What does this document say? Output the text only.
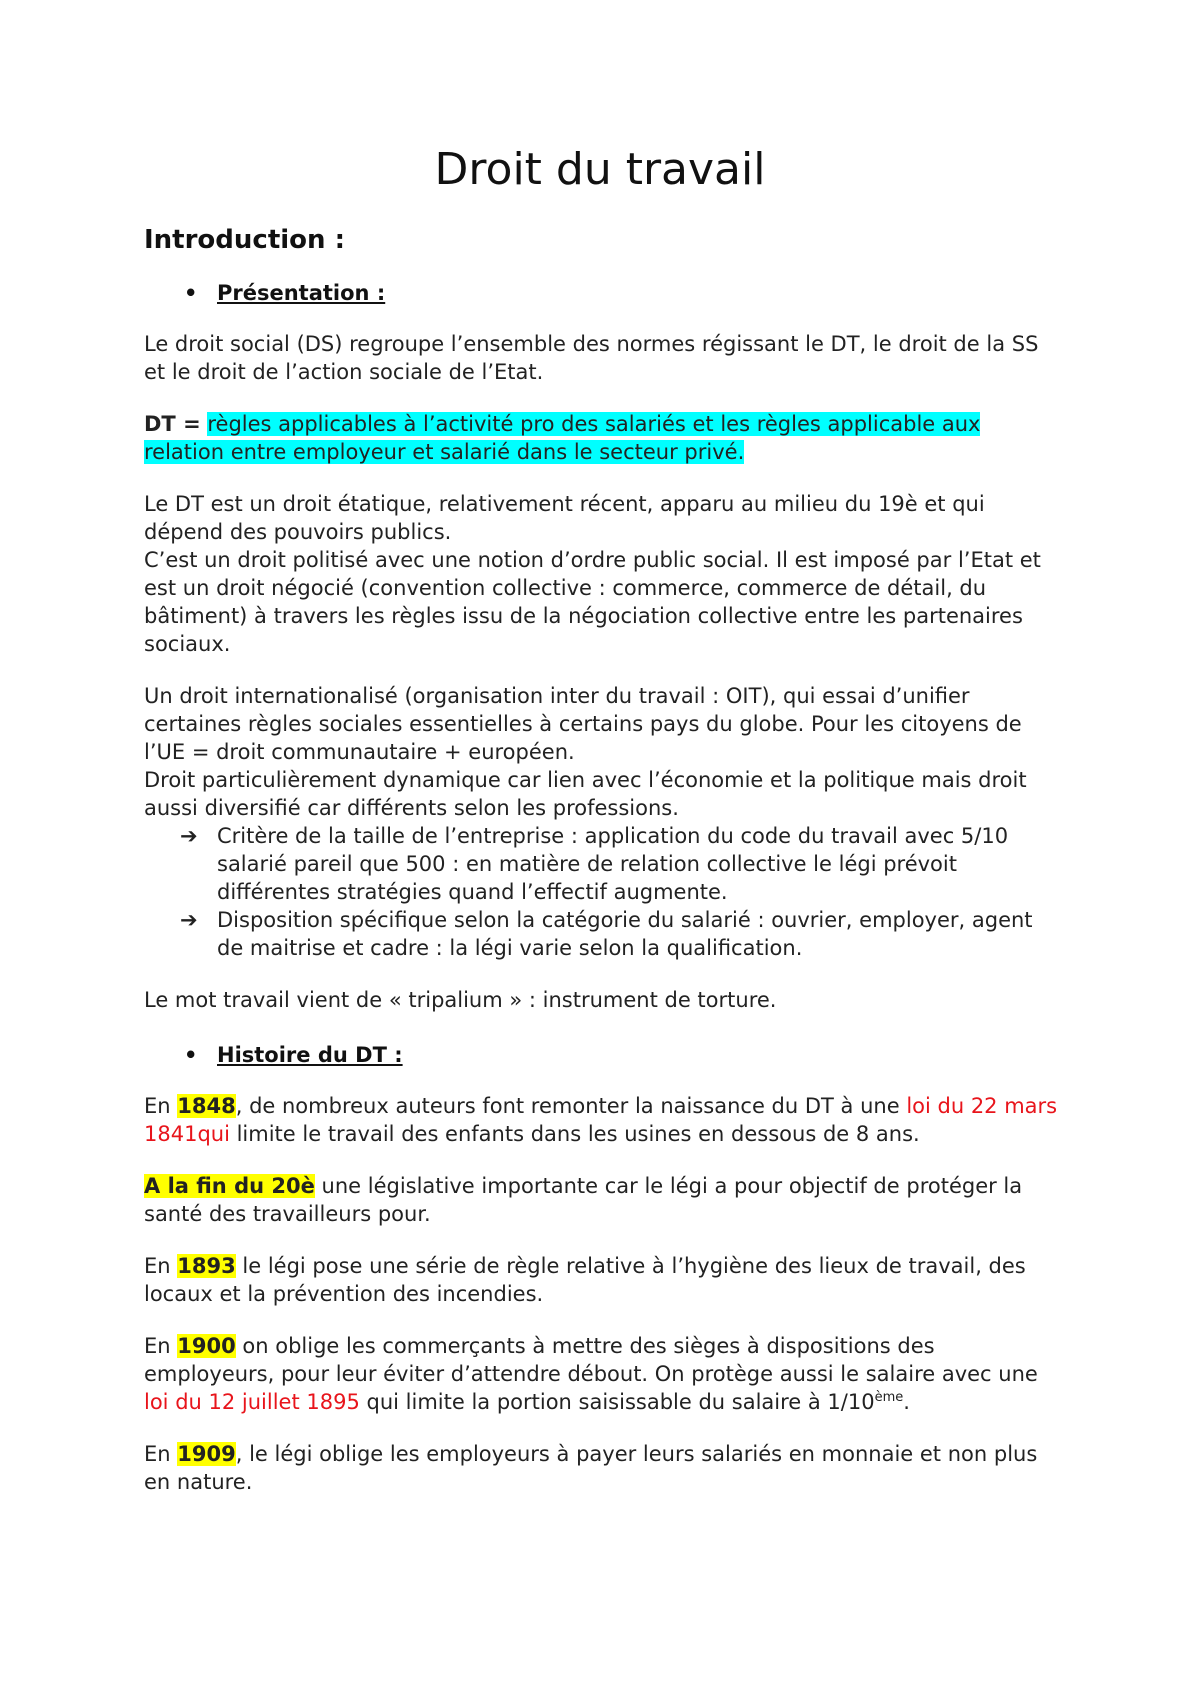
Droit du travail
Introduction :

• Présentation :

Le droit social (DS) regroupe l’ensemble des normes régissant le DT, le droit de la SS et le droit de l’action sociale de l’Etat.

DT = règles applicables à l’activité pro des salariés et les règles applicable aux relation entre employeur et salarié dans le secteur privé.

Le DT est un droit étatique, relativement récent, apparu au milieu du 19è et qui dépend des pouvoirs publics.

C’est un droit politisé avec une notion d’ordre public social. Il est imposé par l’Etat et est un droit négocié (convention collective : commerce, commerce de détail, du bâtiment) à travers les règles issu de la négociation collective entre les partenaires sociaux.

Un droit internationalisé (organisation inter du travail : OIT), qui essai d’unifier certaines règles sociales essentielles à certains pays du globe. Pour les citoyens de l’UE = droit communautaire + européen.

Droit particulièrement dynamique car lien avec l’économie et la politique mais droit aussi diversifié car différents selon les professions.

➔ Critère de la taille de l’entreprise : application du code du travail avec 5/10 salarié pareil que 500 : en matière de relation collective le légi prévoit différentes stratégies quand l’effectif augmente.

➔ Disposition spécifique selon la catégorie du salarié : ouvrier, employer, agent de maitrise et cadre : la légi varie selon la qualification.

Le mot travail vient de « tripalium » : instrument de torture.

• Histoire du DT :

En 1848, de nombreux auteurs font remonter la naissance du DT à une loi du 22 mars 1841qui limite le travail des enfants dans les usines en dessous de 8 ans.

A la fin du 20è une législative importante car le légi a pour objectif de protéger la santé des travailleurs pour.

En 1893 le légi pose une série de règle relative à l’hygiène des lieux de travail, des locaux et la prévention des incendies.

En 1900 on oblige les commerçants à mettre des sièges à dispositions des employeurs, pour leur éviter d’attendre débout. On protège aussi le salaire avec une loi du 12 juillet 1895 qui limite la portion saisissable du salaire à 1/10ème.

En 1909, le légi oblige les employeurs à payer leurs salariés en monnaie et non plus en nature.
